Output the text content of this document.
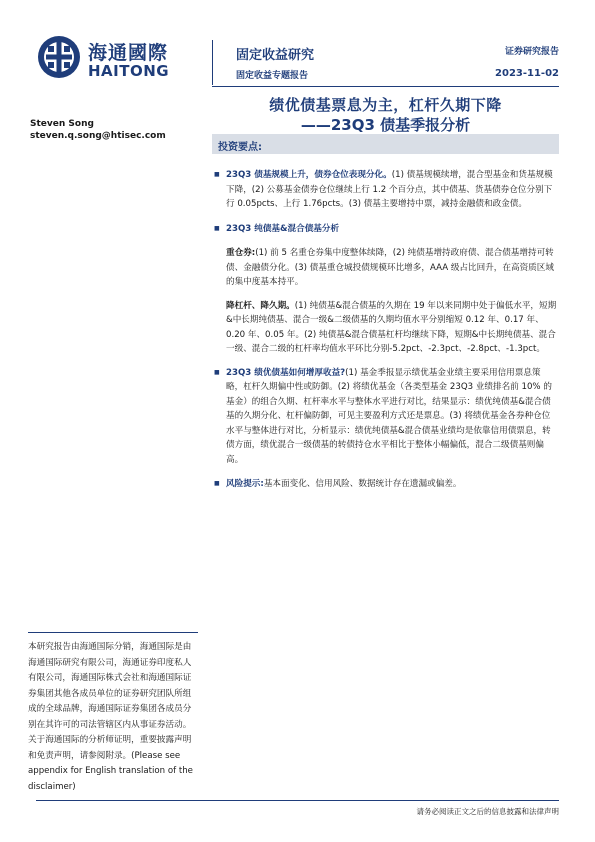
海通國際
HAITONG
固定收益研究
固定收益专题报告
证券研究报告
2023-11-02
绩优债基票息为主，杠杆久期下降
——23Q3 债基季报分析
Steven Song
steven.q.song@htisec.com
投资要点:
■ 23Q3 债基规模上升，债券仓位表现分化。(1) 债基规模续增，混合型基金和货基规模下降，(2) 公募基金债券仓位继续上行 1.2 个百分点，其中债基、货基债券仓位分别下行 0.05pcts、上行 1.76pcts。(3) 债基主要增持中票，减持金融债和政金债。
■ 23Q3 纯债基&混合债基分析
重仓券:(1) 前 5 名重仓券集中度整体续降，(2) 纯债基增持政府债、混合债基增持可转债、金融债分化。(3) 债基重仓城投债规模环比增多，AAA 级占比回升，在高资质区域的集中度基本持平。
降杠杆、降久期。(1) 纯债基&混合债基的久期在 19 年以来同期中处于偏低水平，短期&中长期纯债基、混合一级&二级债基的久期均值水平分别缩短 0.12 年、0.17 年、0.20 年、0.05 年。(2) 纯债基&混合债基杠杆均继续下降，短期&中长期纯债基、混合一级、混合二级的杠杆率均值水平环比分别-5.2pct、-2.3pct、-2.8pct、-1.3pct。
■ 23Q3 绩优债基如何增厚收益?(1) 基金季报显示绩优基金业绩主要采用信用票息策略，杠杆久期偏中性或防御。(2) 将绩优基金（各类型基金 23Q3 业绩排名前 10% 的基金）的组合久期、杠杆率水平与整体水平进行对比，结果显示：绩优纯债基&混合债基的久期分化、杠杆偏防御，可见主要盈利方式还是票息。(3) 将绩优基金各券种仓位水平与整体进行对比，分析显示：绩优纯债基&混合债基业绩均是依靠信用债票息，转债方面，绩优混合一级债基的转债持仓水平相比于整体小幅偏低，混合二级债基则偏高。
■ 风险提示:基本面变化、信用风险、数据统计存在遗漏或偏差。
本研究报告由海通国际分销，海通国际是由海通国际研究有限公司，海通证券印度私人有限公司，海通国际株式会社和海通国际证券集团其他各成员单位的证券研究团队所组成的全球品牌，海通国际证券集团各成员分别在其许可的司法管辖区内从事证券活动。关于海通国际的分析师证明，重要披露声明和免责声明，请参阅附录。(Please see appendix for English translation of the disclaimer)
请务必阅读正文之后的信息披露和法律声明
